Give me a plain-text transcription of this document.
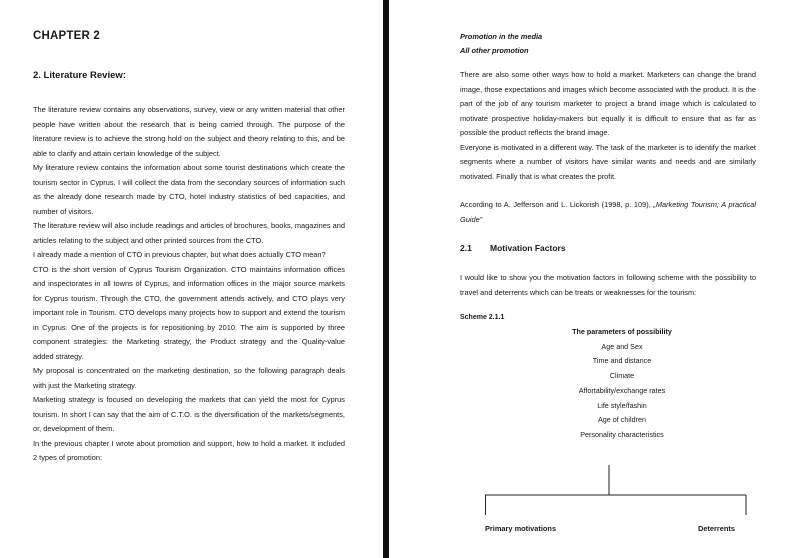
CHAPTER 2
2. Literature Review:

The literature review contains any observations, survey, view or any written material that other people have written about the research that is being carried through. The purpose of the literature review is to achieve the strong hold on the subject and theory relating to this, and be able to clarify and attain certain knowledge of the subject.

My literature review contains the information about some tourist destinations which create the tourism sector in Cyprus. I will collect the data from the secondary sources of information such as the already done research made by CTO, hotel industry statistics of bed capacities, and number of visitors.

The literature review will also include readings and articles of brochures, books, magazines and articles relating to the subject and other printed sources from the CTO.

I already made a mention of CTO in previous chapter, but what does actually CTO mean?

CTO is the short version of Cyprus Tourism Organization. CTO maintains information offices and inspectorates in all towns of Cyprus, and information offices in the major source markets for Cyprus tourism. Through the CTO, the government attends actively, and CTO plays very important role in Tourism. CTO develops many projects how to support and extend the tourism in Cyprus. One of the projects is for repositioning by 2010. The aim is supported by three component strategies: the Marketing strategy, the Product strategy and the Quality-value added strategy.

My proposal is concentrated on the marketing destination, so the following paragraph deals with just the Marketing strategy.

Marketing strategy is focused on developing the markets that can yield the most for Cyprus tourism. In short I can say that the aim of C.T.O. is the diversification of the markets/segments, or, development of them.

In the previous chapter I wrote about promotion and support, how to hold a market. It included 2 types of promotion:

Promotion in the media

All other promotion

There are also some other ways how to hold a market. Marketers can change the brand image, those expectations and images which become associated with the product. It is the part of the job of any tourism marketer to project a brand image which is calculated to motivate prospective holiday-makers but equally it is difficult to ensure that as far as possible the product reflects the brand image.

Everyone is motivated in a different way. The task of the marketer is to identify the market segments where a number of visitors have similar wants and needs and are similarly motivated. Finally that is what creates the profit.

According to A. Jefferson and L. Lickorish (1998, p. 109), „Marketing Tourism; A practical Guide”

2.1 Motivation Factors

I would like to show you the motivation factors in following scheme with the possibility to travel and deterrents which can be treats or weaknesses for the tourism:

Scheme 2.1.1
The parameters of possibility
Age and Sex
Time and distance
Climate
Affortability/exchange rates
Life style/fashin
Age of children
Personality characteristics
Primary motivations	Deterrents
